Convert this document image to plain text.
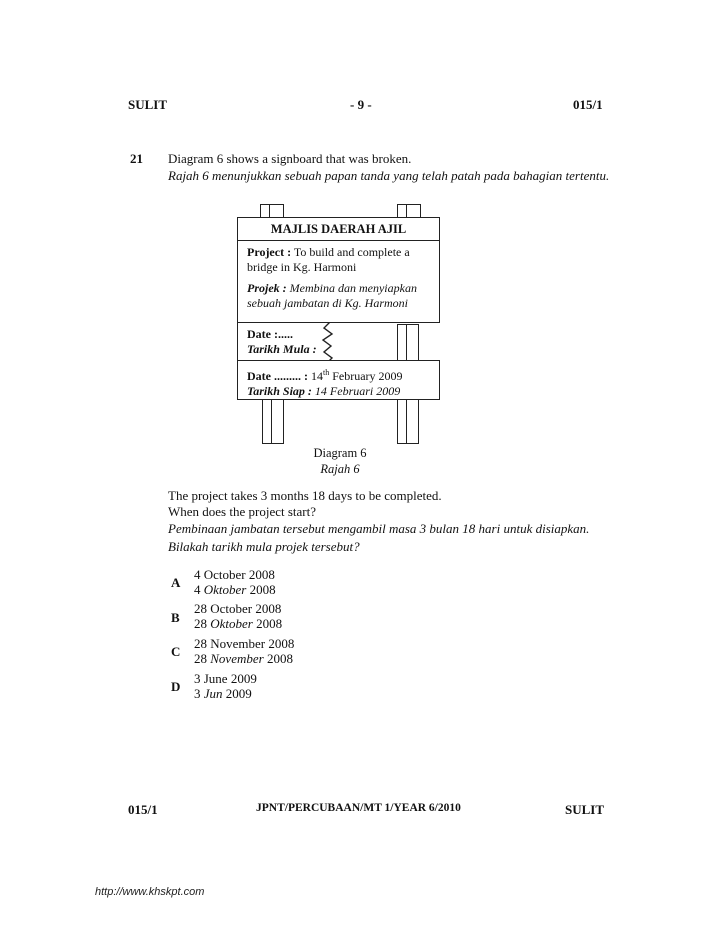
SULIT	- 9 -	015/1
21 Diagram 6 shows a signboard that was broken.
Rajah 6 menunjukkan sebuah papan tanda yang telah patah pada bahagian tertentu.
MAJLIS DAERAH AJIL
Project : To build and complete a bridge in Kg. Harmoni
Projek : Membina dan menyiapkan sebuah jambatan di Kg. Harmoni
Date :.....
Tarikh Mula :
Date ......... : 14th February 2009
Tarikh Siap : 14 Februari 2009
Diagram 6
Rajah 6
The project takes 3 months 18 days to be completed.
When does the project start?
Pembinaan jambatan tersebut mengambil masa 3 bulan 18 hari untuk disiapkan.
Bilakah tarikh mula projek tersebut?
A
4 October 2008
4 Oktober 2008
B
28 October 2008
28 Oktober 2008
C
28 November 2008
28 November 2008
D
3 June 2009
3 Jun 2009
015/1	JPNT/PERCUBAAN/MT 1/YEAR 6/2010	SULIT
http://www.khskpt.com
